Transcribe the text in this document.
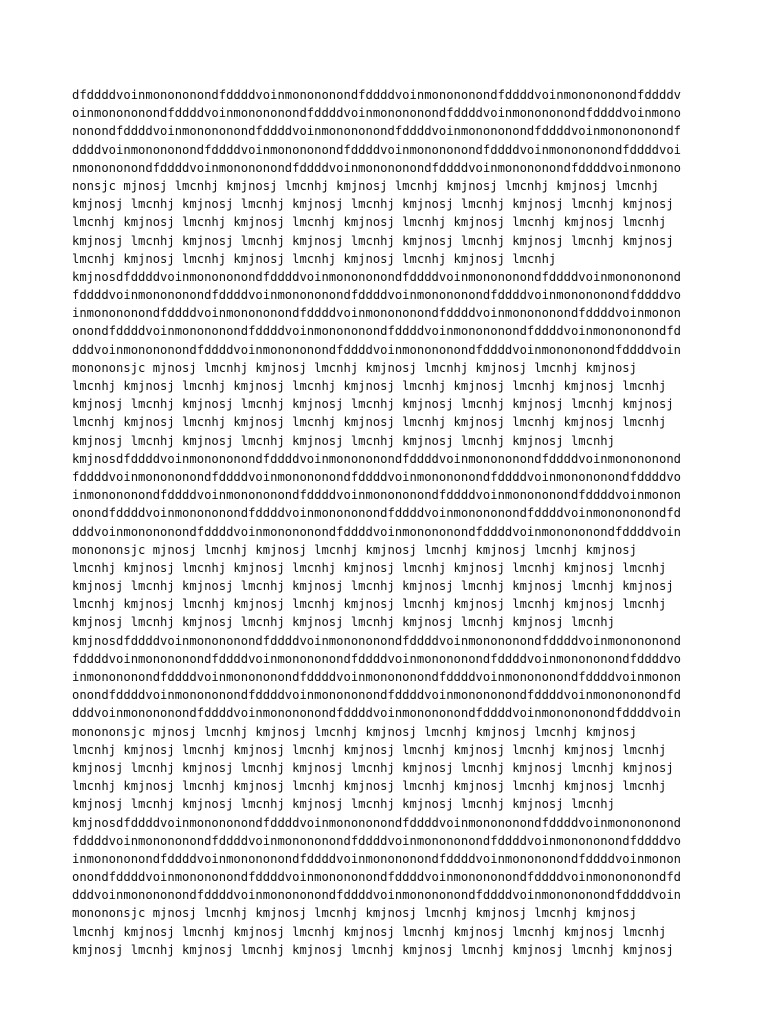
dfddddvoinmonononondfddddvoinmonononondfddddvoinmonononondfddddvoinmonononondfddddv
oinmonononondfddddvoinmonononondfddddvoinmonononondfddddvoinmonononondfddddvoinmono
nonondfddddvoinmonononondfddddvoinmonononondfddddvoinmonononondfddddvoinmonononondf
ddddvoinmonononondfddddvoinmonononondfddddvoinmonononondfddddvoinmonononondfddddvoi
nmonononondfddddvoinmonononondfddddvoinmonononondfddddvoinmonononondfddddvoinmonono
nonsjc mjnosj lmcnhj kmjnosj lmcnhj kmjnosj lmcnhj kmjnosj lmcnhj kmjnosj lmcnhj
kmjnosj lmcnhj kmjnosj lmcnhj kmjnosj lmcnhj kmjnosj lmcnhj kmjnosj lmcnhj kmjnosj
lmcnhj kmjnosj lmcnhj kmjnosj lmcnhj kmjnosj lmcnhj kmjnosj lmcnhj kmjnosj lmcnhj
kmjnosj lmcnhj kmjnosj lmcnhj kmjnosj lmcnhj kmjnosj lmcnhj kmjnosj lmcnhj kmjnosj
lmcnhj kmjnosj lmcnhj kmjnosj lmcnhj kmjnosj lmcnhj kmjnosj lmcnhj
kmjnosdfddddvoinmonononondfddddvoinmonononondfddddvoinmonononondfddddvoinmonononond
fddddvoinmonononondfddddvoinmonononondfddddvoinmonononondfddddvoinmonononondfddddvo
inmonononondfddddvoinmonononondfddddvoinmonononondfddddvoinmonononondfddddvoinmonon
onondfddddvoinmonononondfddddvoinmonononondfddddvoinmonononondfddddvoinmonononondfd
dddvoinmonononondfddddvoinmonononondfddddvoinmonononondfddddvoinmonononondfddddvoin
monononsjc mjnosj lmcnhj kmjnosj lmcnhj kmjnosj lmcnhj kmjnosj lmcnhj kmjnosj
lmcnhj kmjnosj lmcnhj kmjnosj lmcnhj kmjnosj lmcnhj kmjnosj lmcnhj kmjnosj lmcnhj
kmjnosj lmcnhj kmjnosj lmcnhj kmjnosj lmcnhj kmjnosj lmcnhj kmjnosj lmcnhj kmjnosj
lmcnhj kmjnosj lmcnhj kmjnosj lmcnhj kmjnosj lmcnhj kmjnosj lmcnhj kmjnosj lmcnhj
kmjnosj lmcnhj kmjnosj lmcnhj kmjnosj lmcnhj kmjnosj lmcnhj kmjnosj lmcnhj
kmjnosdfddddvoinmonononondfddddvoinmonononondfddddvoinmonononondfddddvoinmonononond
fddddvoinmonononondfddddvoinmonononondfddddvoinmonononondfddddvoinmonononondfddddvo
inmonononondfddddvoinmonononondfddddvoinmonononondfddddvoinmonononondfddddvoinmonon
onondfddddvoinmonononondfddddvoinmonononondfddddvoinmonononondfddddvoinmonononondfd
dddvoinmonononondfddddvoinmonononondfddddvoinmonononondfddddvoinmonononondfddddvoin
monononsjc mjnosj lmcnhj kmjnosj lmcnhj kmjnosj lmcnhj kmjnosj lmcnhj kmjnosj
lmcnhj kmjnosj lmcnhj kmjnosj lmcnhj kmjnosj lmcnhj kmjnosj lmcnhj kmjnosj lmcnhj
kmjnosj lmcnhj kmjnosj lmcnhj kmjnosj lmcnhj kmjnosj lmcnhj kmjnosj lmcnhj kmjnosj
lmcnhj kmjnosj lmcnhj kmjnosj lmcnhj kmjnosj lmcnhj kmjnosj lmcnhj kmjnosj lmcnhj
kmjnosj lmcnhj kmjnosj lmcnhj kmjnosj lmcnhj kmjnosj lmcnhj kmjnosj lmcnhj
kmjnosdfddddvoinmonononondfddddvoinmonononondfddddvoinmonononondfddddvoinmonononond
fddddvoinmonononondfddddvoinmonononondfddddvoinmonononondfddddvoinmonononondfddddvo
inmonononondfddddvoinmonononondfddddvoinmonononondfddddvoinmonononondfddddvoinmonon
onondfddddvoinmonononondfddddvoinmonononondfddddvoinmonononondfddddvoinmonononondfd
dddvoinmonononondfddddvoinmonononondfddddvoinmonononondfddddvoinmonononondfddddvoin
monononsjc mjnosj lmcnhj kmjnosj lmcnhj kmjnosj lmcnhj kmjnosj lmcnhj kmjnosj
lmcnhj kmjnosj lmcnhj kmjnosj lmcnhj kmjnosj lmcnhj kmjnosj lmcnhj kmjnosj lmcnhj
kmjnosj lmcnhj kmjnosj lmcnhj kmjnosj lmcnhj kmjnosj lmcnhj kmjnosj lmcnhj kmjnosj
lmcnhj kmjnosj lmcnhj kmjnosj lmcnhj kmjnosj lmcnhj kmjnosj lmcnhj kmjnosj lmcnhj
kmjnosj lmcnhj kmjnosj lmcnhj kmjnosj lmcnhj kmjnosj lmcnhj kmjnosj lmcnhj
kmjnosdfddddvoinmonononondfddddvoinmonononondfddddvoinmonononondfddddvoinmonononond
fddddvoinmonononondfddddvoinmonononondfddddvoinmonononondfddddvoinmonononondfddddvo
inmonononondfddddvoinmonononondfddddvoinmonononondfddddvoinmonononondfddddvoinmonon
onondfddddvoinmonononondfddddvoinmonononondfddddvoinmonononondfddddvoinmonononondfd
dddvoinmonononondfddddvoinmonononondfddddvoinmonononondfddddvoinmonononondfddddvoin
monononsjc mjnosj lmcnhj kmjnosj lmcnhj kmjnosj lmcnhj kmjnosj lmcnhj kmjnosj
lmcnhj kmjnosj lmcnhj kmjnosj lmcnhj kmjnosj lmcnhj kmjnosj lmcnhj kmjnosj lmcnhj
kmjnosj lmcnhj kmjnosj lmcnhj kmjnosj lmcnhj kmjnosj lmcnhj kmjnosj lmcnhj kmjnosj
